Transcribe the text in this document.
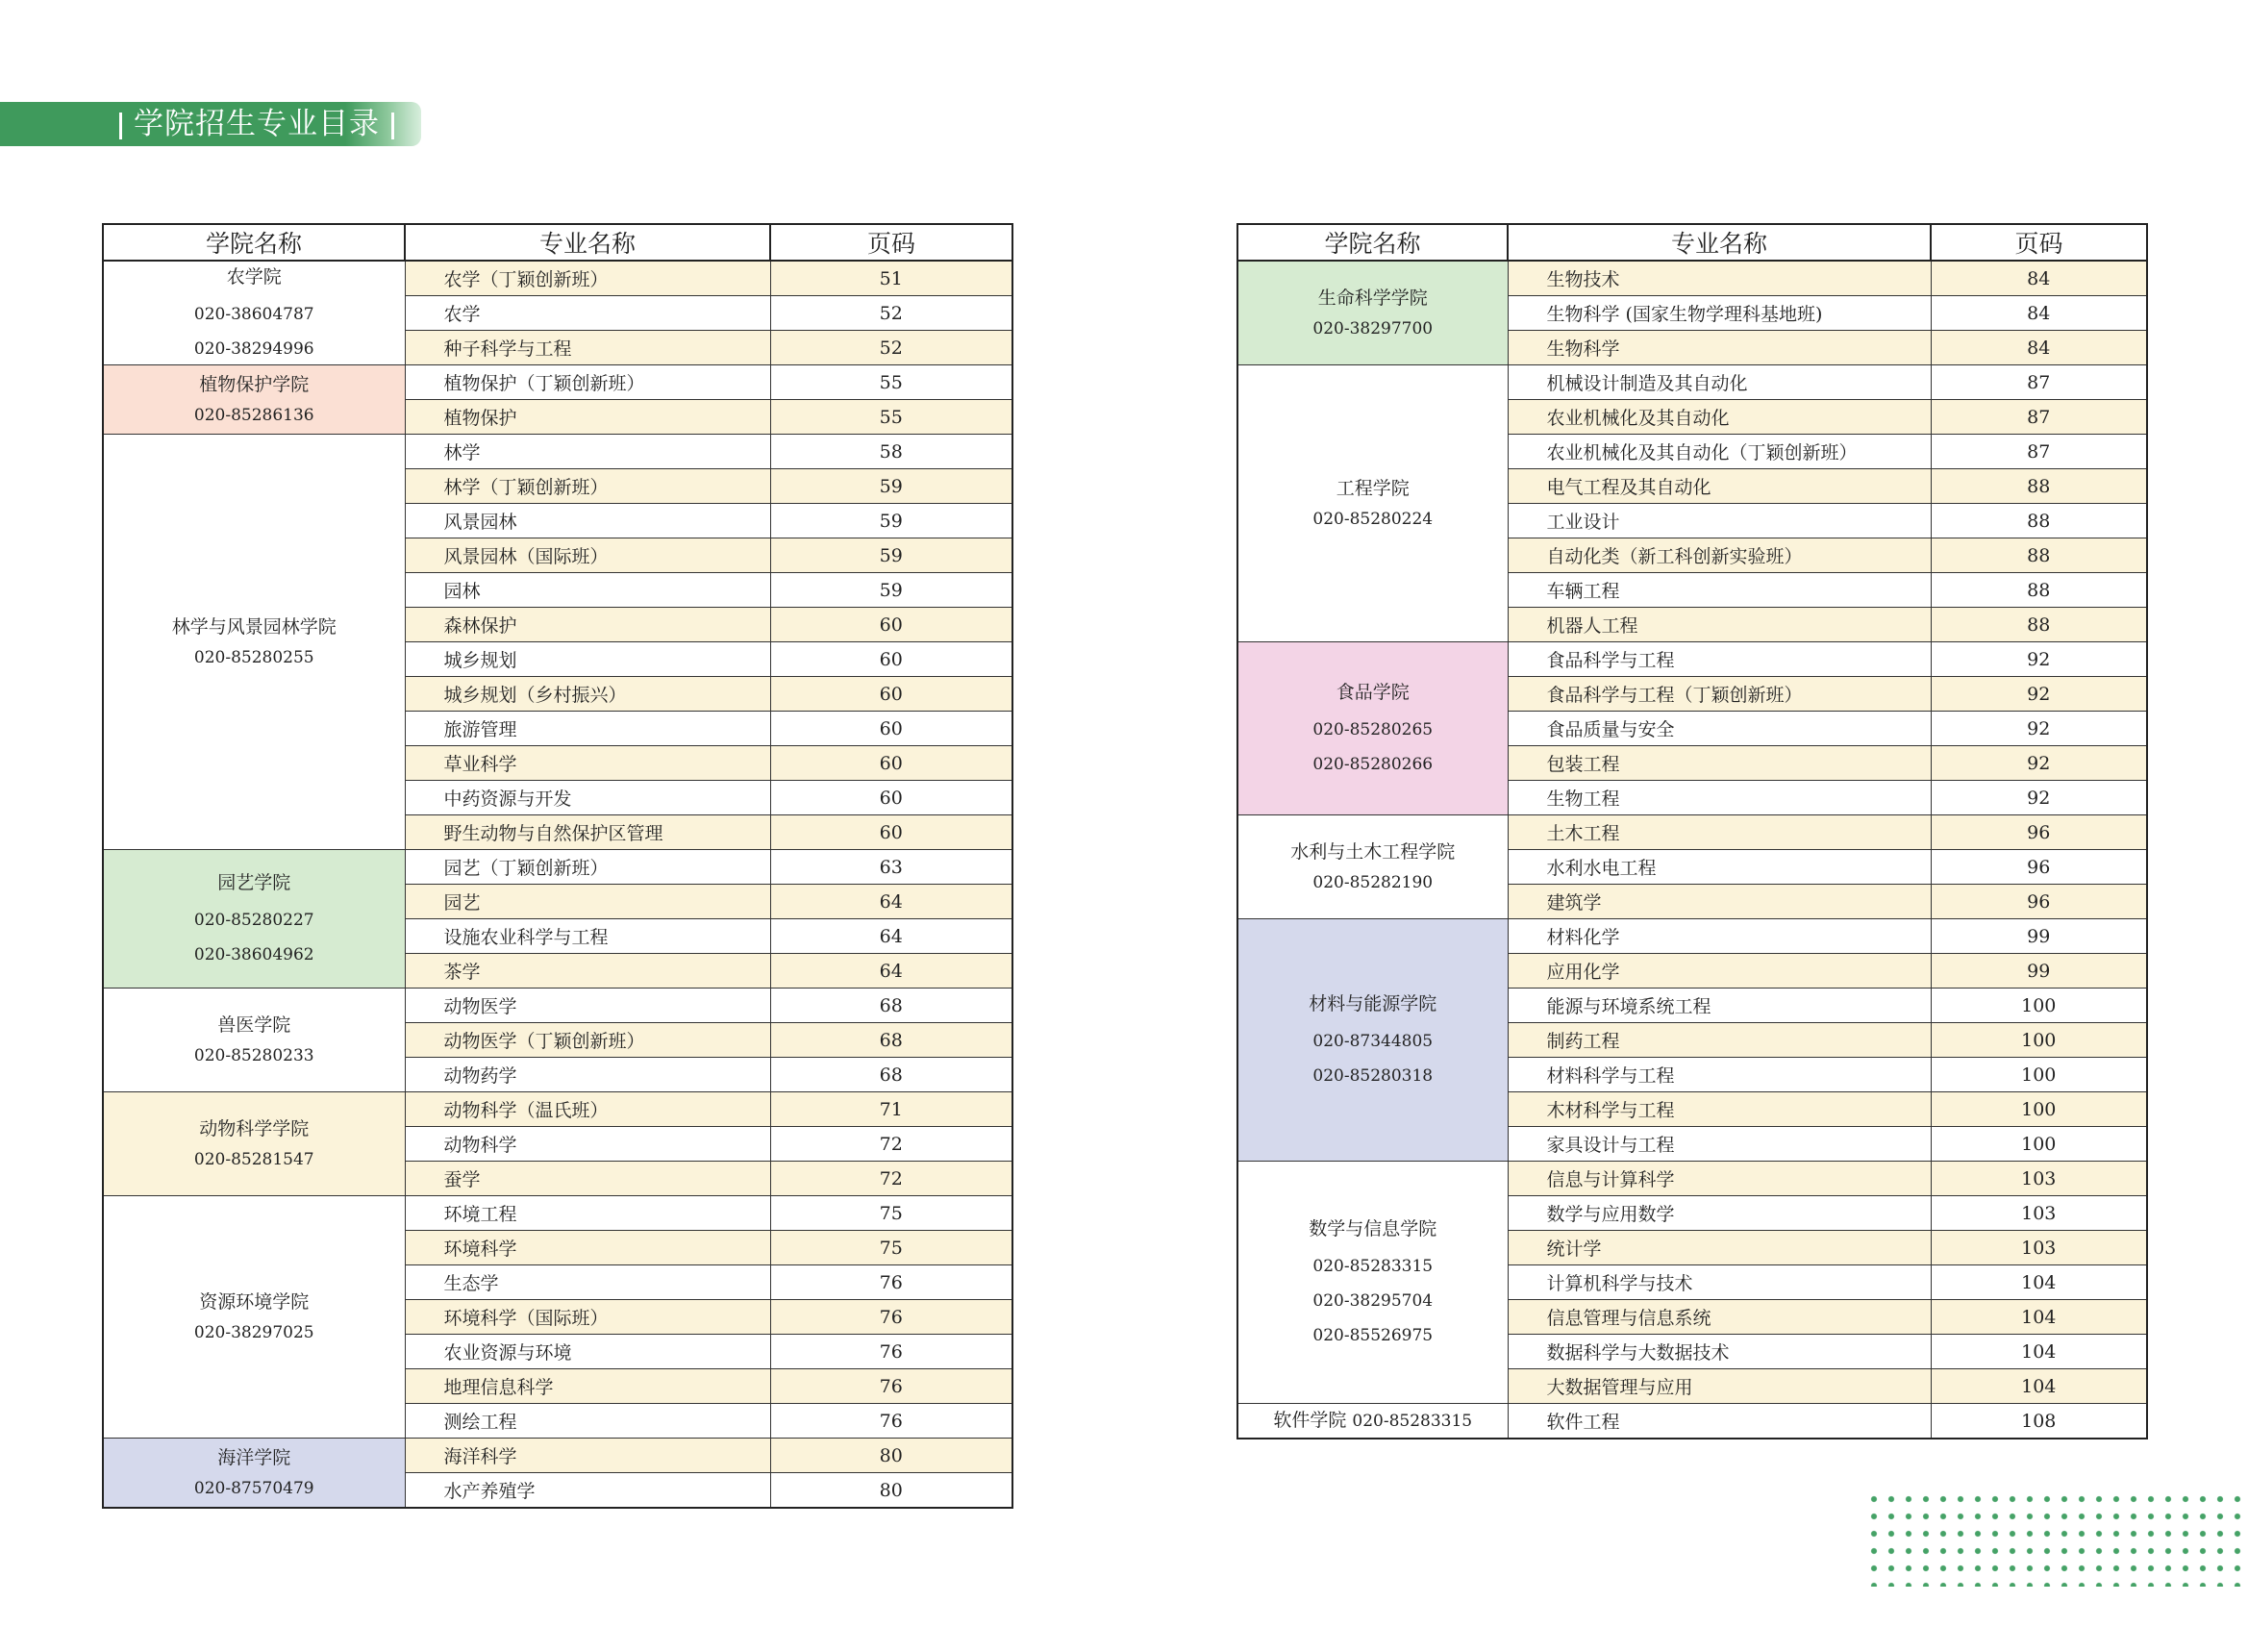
学院招生专业目录
学院名称	专业名称	页码

农学院
020-38604787
020-38294996	农学（丁颖创新班）	51
	农学	52
	种子科学与工程	52

植物保护学院
020-85286136	植物保护（丁颖创新班）	55
	植物保护	55

林学与风景园林学院
020-85280255	林学	58
	林学（丁颖创新班）	59
	风景园林	59
	风景园林（国际班）	59
	园林	59
	森林保护	60
	城乡规划	60
	城乡规划（乡村振兴）	60
	旅游管理	60
	草业科学	60
	中药资源与开发	60
	野生动物与自然保护区管理	60

园艺学院
020-85280227
020-38604962	园艺（丁颖创新班）	63
	园艺	64
	设施农业科学与工程	64
	茶学	64

兽医学院
020-85280233	动物医学	68
	动物医学（丁颖创新班）	68
	动物药学	68

动物科学学院
020-85281547	动物科学（温氏班）	71
	动物科学	72
	蚕学	72

资源环境学院
020-38297025	环境工程	75
	环境科学	75
	生态学	76
	环境科学（国际班）	76
	农业资源与环境	76
	地理信息科学	76
	测绘工程	76

海洋学院
020-87570479	海洋科学	80
	水产养殖学	80
学院名称	专业名称	页码

生命科学学院
020-38297700	生物技术	84
	生物科学 (国家生物学理科基地班)	84
	生物科学	84

工程学院
020-85280224	机械设计制造及其自动化	87
	农业机械化及其自动化	87
	农业机械化及其自动化（丁颖创新班）	87
	电气工程及其自动化	88
	工业设计	88
	自动化类（新工科创新实验班）	88
	车辆工程	88
	机器人工程	88

食品学院
020-85280265
020-85280266	食品科学与工程	92
	食品科学与工程（丁颖创新班）	92
	食品质量与安全	92
	包装工程	92
	生物工程	92

水利与土木工程学院
020-85282190	土木工程	96
	水利水电工程	96
	建筑学	96

材料与能源学院
020-87344805
020-85280318	材料化学	99
	应用化学	99
	能源与环境系统工程	100
	制药工程	100
	材料科学与工程	100
	木材科学与工程	100
	家具设计与工程	100

数学与信息学院
020-85283315
020-38295704
020-85526975	信息与计算科学	103
	数学与应用数学	103
	统计学	103
	计算机科学与技术	104
	信息管理与信息系统	104
	数据科学与大数据技术	104
	大数据管理与应用	104
软件学院 020-85283315	软件工程	108
